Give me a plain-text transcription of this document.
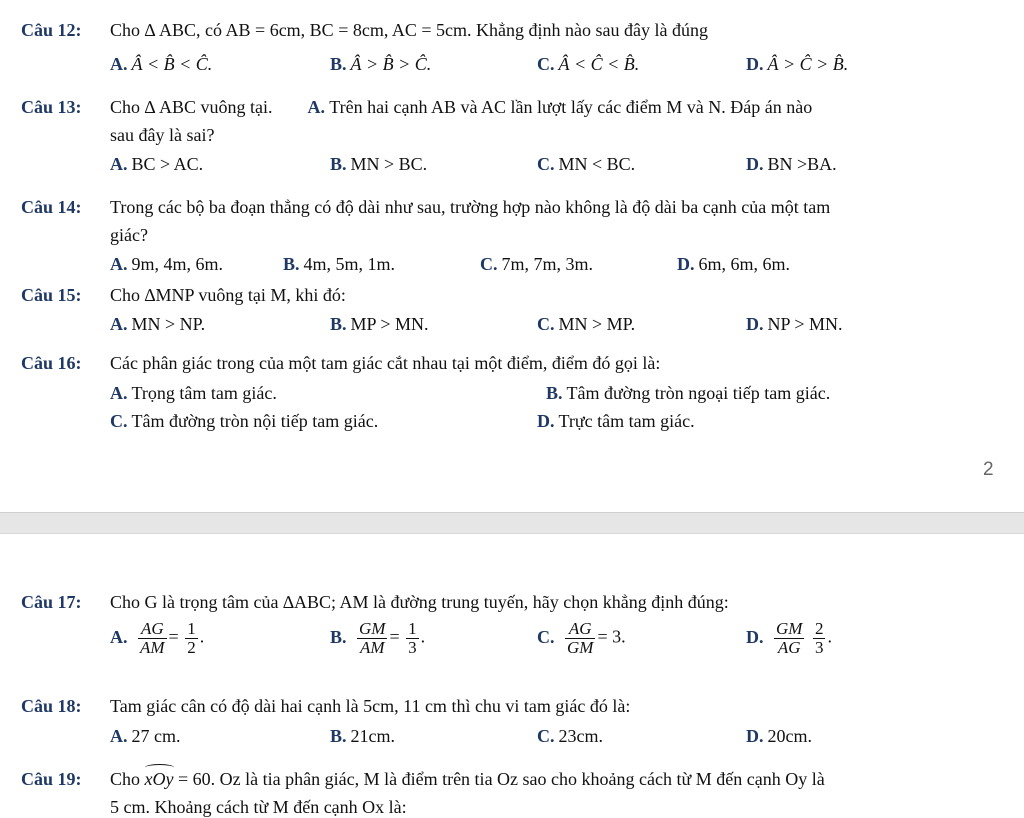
Câu 12: Cho ∆ ABC, có AB = 6cm, BC = 8cm, AC = 5cm. Khẳng định nào sau đây là đúng
A. Â < B̂ < Ĉ.	B. Â > B̂ > Ĉ.	C. Â < Ĉ < B̂.	D. Â > Ĉ > B̂.
Câu 13: Cho ∆ ABC vuông tại. A. Trên hai cạnh AB và AC lần lượt lấy các điểm M và N. Đáp án nào
sau đây là sai?
A. BC > AC.	B. MN > BC.	C. MN < BC.	D. BN >BA.
Câu 14: Trong các bộ ba đoạn thẳng có độ dài như sau, trường hợp nào không là độ dài ba cạnh của một tam
giác?
A. 9m, 4m, 6m.	B. 4m, 5m, 1m.	C. 7m, 7m, 3m.	D. 6m, 6m, 6m.
Câu 15: Cho ∆MNP vuông tại M, khi đó:
A. MN > NP.	B. MP > MN.	C. MN > MP.	D. NP > MN.
Câu 16: Các phân giác trong của một tam giác cắt nhau tại một điểm, điểm đó gọi là:
A. Trọng tâm tam giác.	B. Tâm đường tròn ngoại tiếp tam giác.
C. Tâm đường tròn nội tiếp tam giác.	D. Trực tâm tam giác.
2
Câu 17: Cho G là trọng tâm của ∆ABC; AM là đường trung tuyến, hãy chọn khẳng định đúng:
A. $\frac{AG}{AM} = \frac{1}{2}$ .	B. $\frac{GM}{AM} = \frac{1}{3}$ .	C. $\frac{AG}{GM} = 3$.	D. $\frac{GM}{AG}$
$\frac{2}{3}$ .
Câu 18: Tam giác cân có độ dài hai cạnh là 5cm, 11 cm thì chu vi tam giác đó là:
A. 27 cm.	B. 21cm.	C. 23cm.	D. 20cm.
Câu 19: Cho xOy = 60. Oz là tia phân giác, M là điểm trên tia Oz sao cho khoảng cách từ M đến cạnh Oy là
5 cm. Khoảng cách từ M đến cạnh Ox là:
